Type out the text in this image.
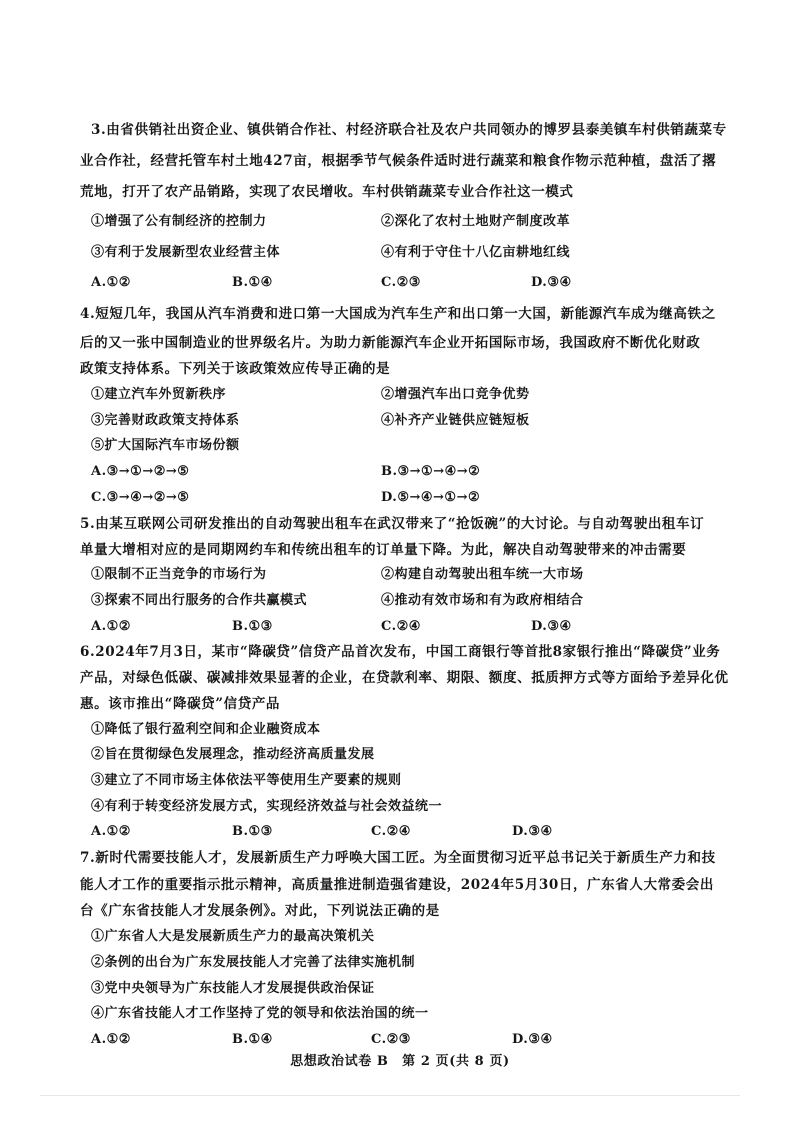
3.由省供销社出资企业、镇供销合作社、村经济联合社及农户共同领办的博罗县泰美镇车村供销蔬菜专
业合作社，经营托管车村土地427亩，根据季节气候条件适时进行蔬菜和粮食作物示范种植，盘活了撂
荒地，打开了农产品销路，实现了农民增收。车村供销蔬菜专业合作社这一模式
①增强了公有制经济的控制力	②深化了农村土地财产制度改革
③有利于发展新型农业经营主体	④有利于守住十八亿亩耕地红线
A.①②	B.①④	C.②③	D.③④
4.短短几年，我国从汽车消费和进口第一大国成为汽车生产和出口第一大国，新能源汽车成为继高铁之
后的又一张中国制造业的世界级名片。为助力新能源汽车企业开拓国际市场，我国政府不断优化财政
政策支持体系。下列关于该政策效应传导正确的是
①建立汽车外贸新秩序	②增强汽车出口竞争优势
③完善财政政策支持体系	④补齐产业链供应链短板
⑤扩大国际汽车市场份额
A.③→①→②→⑤	B.③→①→④→②
C.③→④→②→⑤	D.⑤→④→①→②
5.由某互联网公司研发推出的自动驾驶出租车在武汉带来了“抢饭碗”的大讨论。与自动驾驶出租车订
单量大增相对应的是同期网约车和传统出租车的订单量下降。为此，解决自动驾驶带来的冲击需要
①限制不正当竞争的市场行为	②构建自动驾驶出租车统一大市场
③探索不同出行服务的合作共赢模式	④推动有效市场和有为政府相结合
A.①②	B.①③	C.②④	D.③④
6.2024年7月3日，某市“降碳贷”信贷产品首次发布，中国工商银行等首批8家银行推出“降碳贷”业务
产品，对绿色低碳、碳减排效果显著的企业，在贷款利率、期限、额度、抵质押方式等方面给予差异化优
惠。该市推出“降碳贷”信贷产品
①降低了银行盈利空间和企业融资成本
②旨在贯彻绿色发展理念，推动经济高质量发展
③建立了不同市场主体依法平等使用生产要素的规则
④有利于转变经济发展方式，实现经济效益与社会效益统一
A.①②	B.①③	C.②④	D.③④
7.新时代需要技能人才，发展新质生产力呼唤大国工匠。为全面贯彻习近平总书记关于新质生产力和技
能人才工作的重要指示批示精神，高质量推进制造强省建设，2024年5月30日，广东省人大常委会出
台《广东省技能人才发展条例》。对此，下列说法正确的是
①广东省人大是发展新质生产力的最高决策机关
②条例的出台为广东发展技能人才完善了法律实施机制
③党中央领导为广东技能人才发展提供政治保证
④广东省技能人才工作坚持了党的领导和依法治国的统一
A.①②	B.①④	C.②③	D.③④
思想政治试卷 B　第 2 页(共 8 页)
